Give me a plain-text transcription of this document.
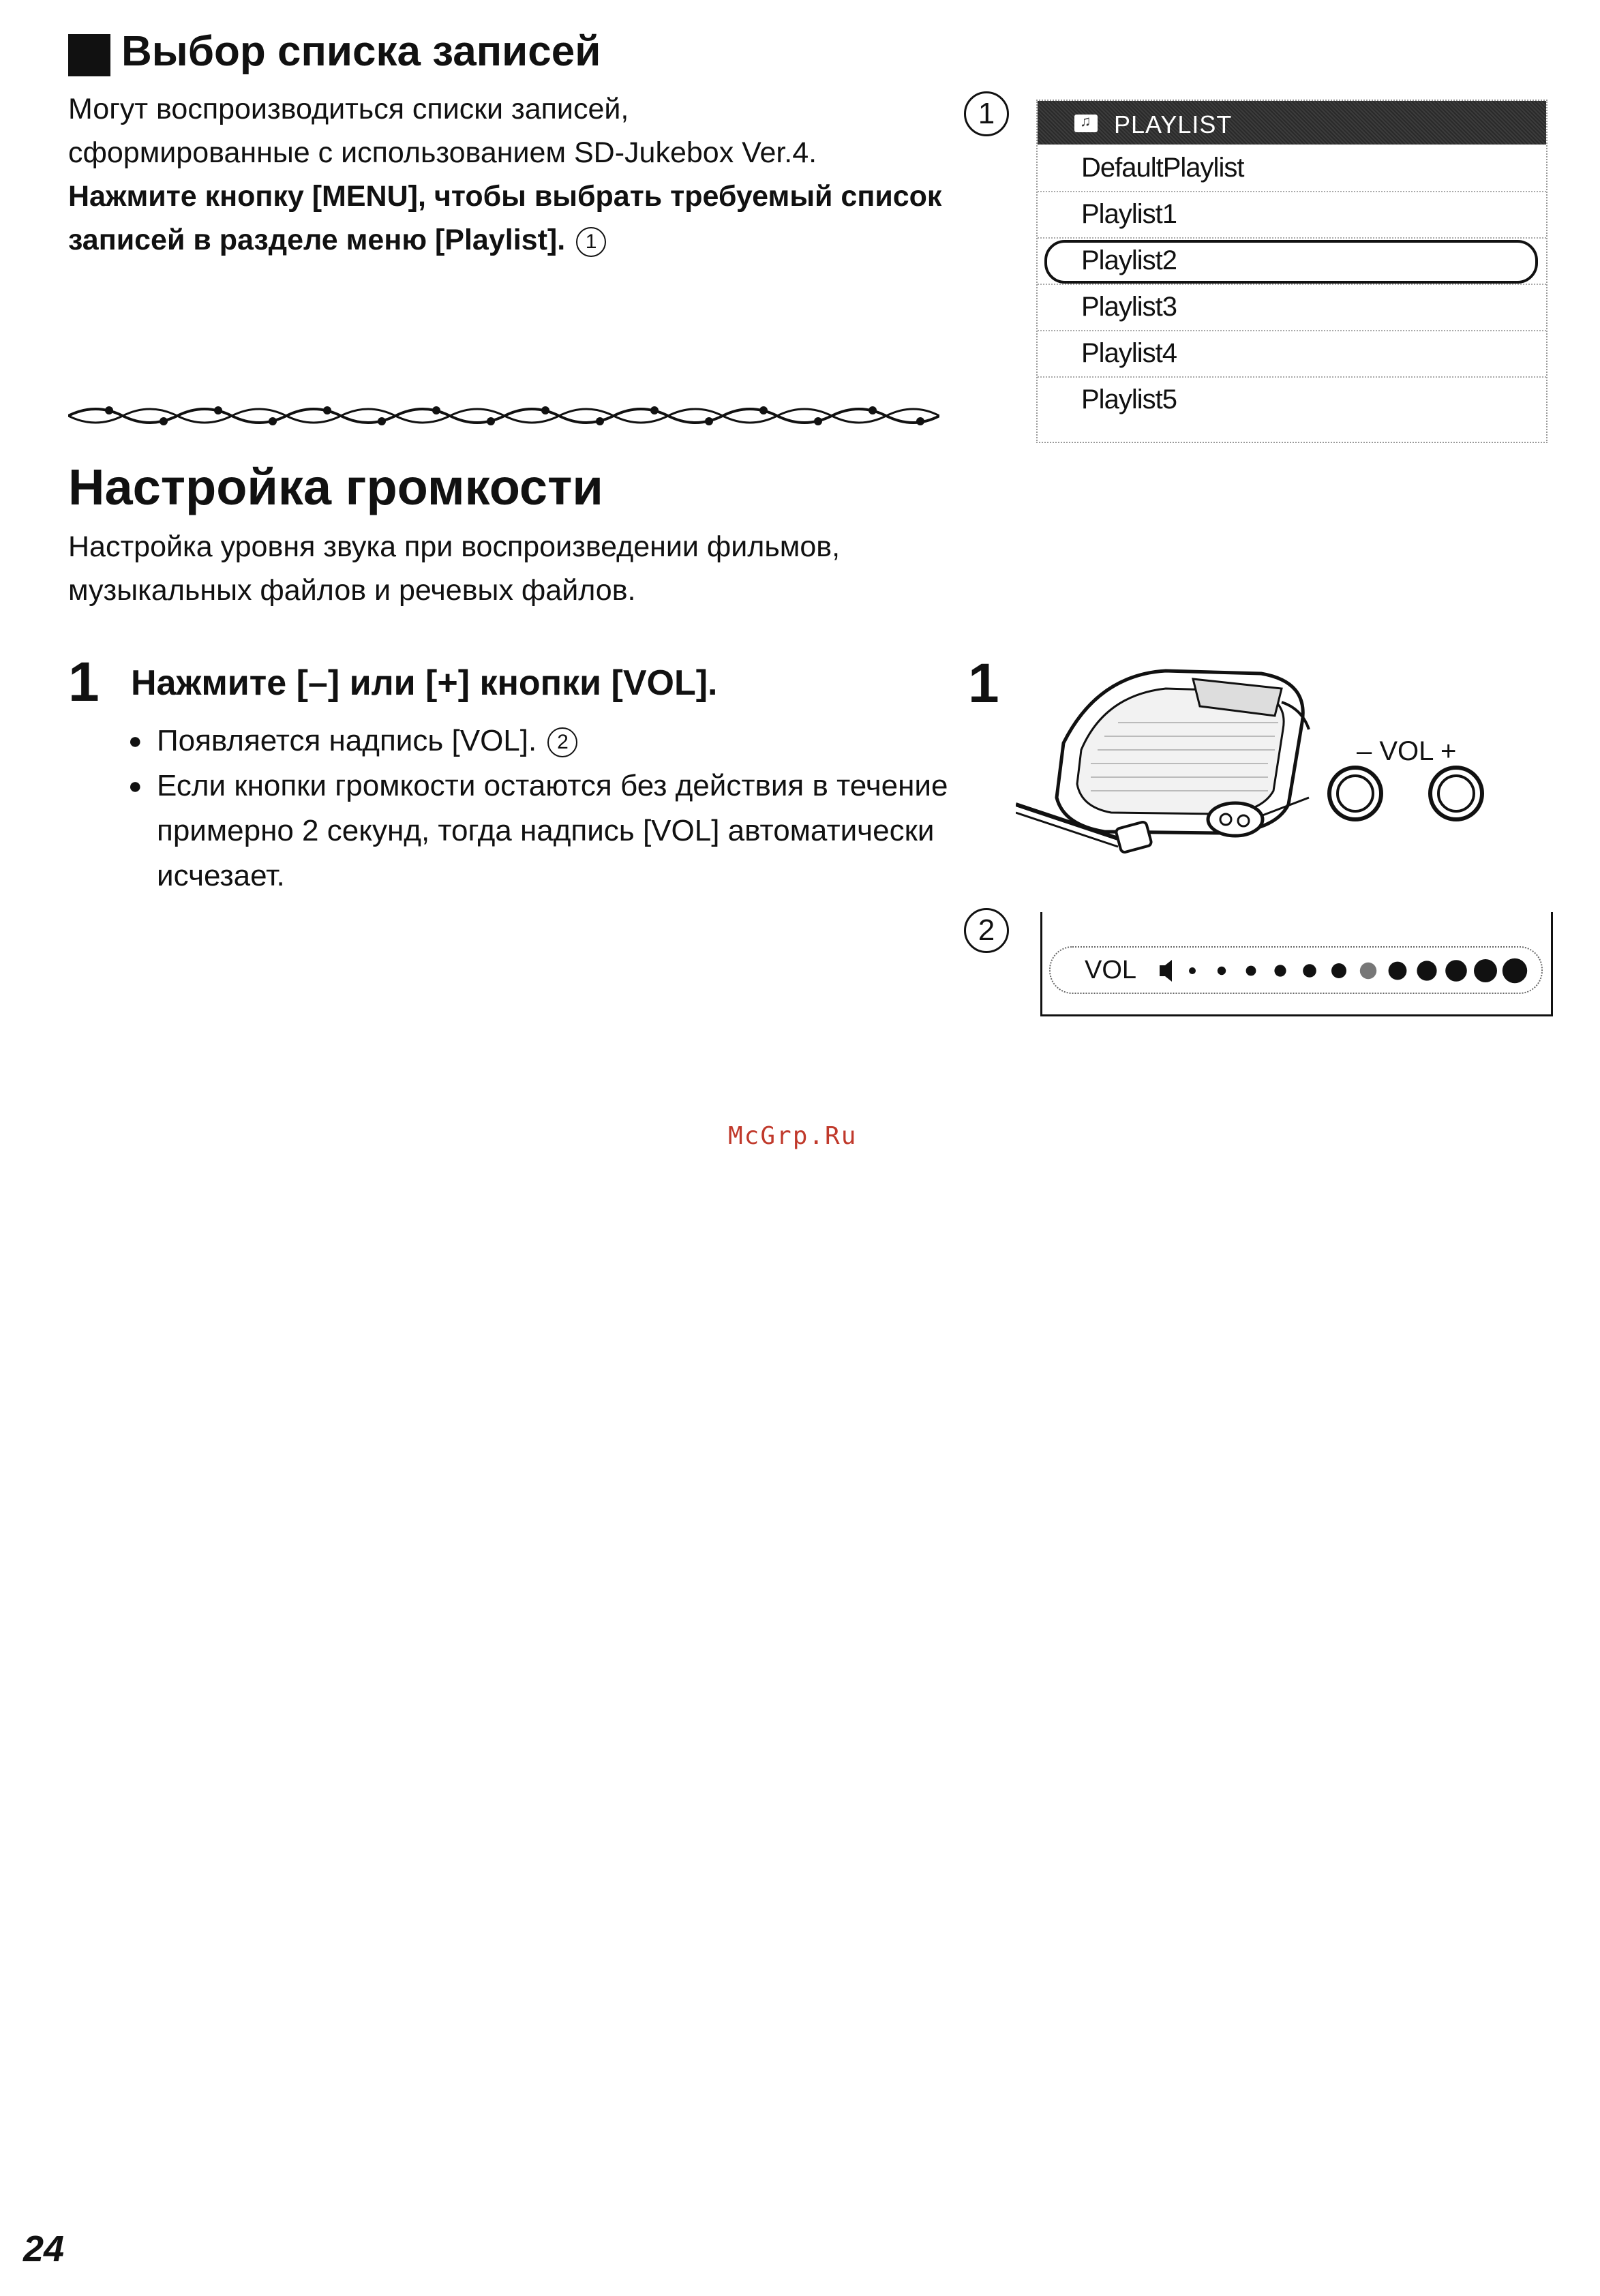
Выбор списка записей
Могут воспроизводиться списки записей,
сформированные с использованием SD-Jukebox Ver.4.
Нажмите кнопку [MENU], чтобы выбрать требуемый список записей в разделе меню [Playlist]. 1
Настройка громкости
Настройка уровня звука при воспроизведении фильмов, музыкальных файлов и речевых файлов.
1 Нажмите [–] или [+] кнопки [VOL].
● Появляется надпись [VOL]. 2
● Если кнопки громкости остаются без действия в течение примерно 2 секунд, тогда надпись [VOL] автоматически исчезает.
1
♫	PLAYLIST
DefaultPlaylist
Playlist1
Playlist2
Playlist3
Playlist4
Playlist5
1
– VOL +
2
VOL
McGrp.Ru
24
